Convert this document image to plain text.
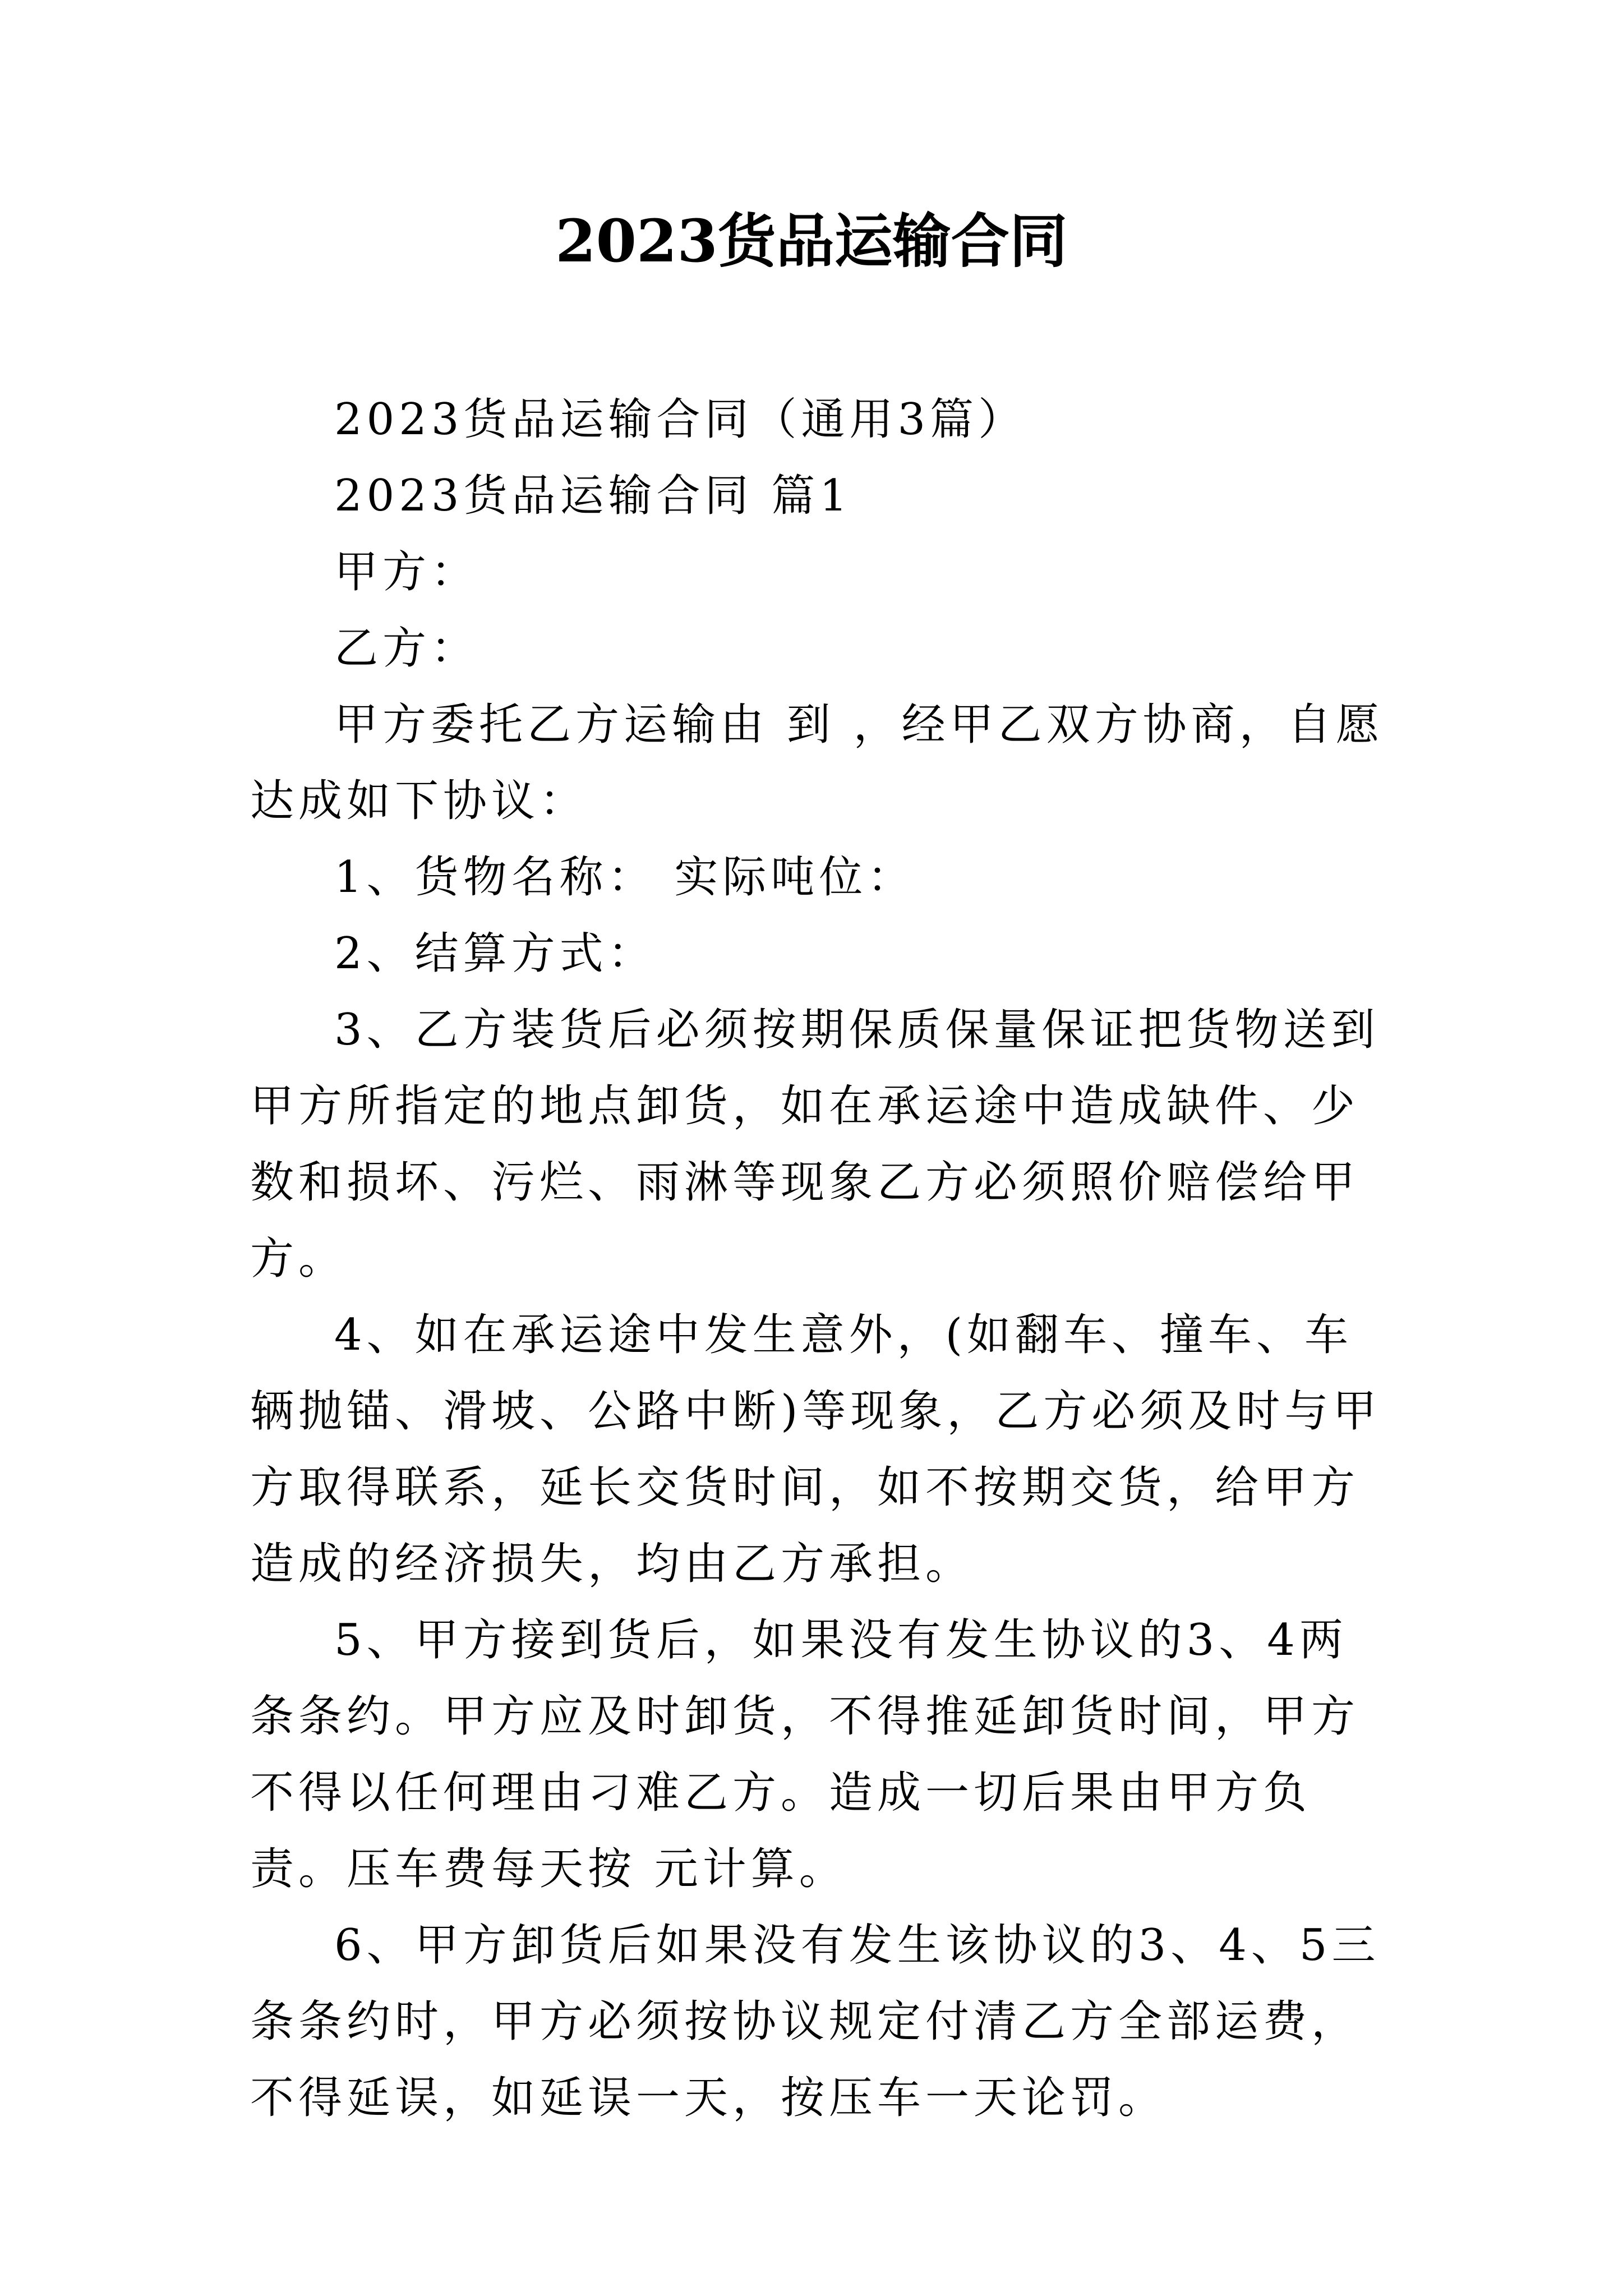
2023货品运输合同

2023货品运输合同（通用3篇）

2023货品运输合同 篇1

甲方：

乙方：

甲方委托乙方运输由 到 ，经甲乙双方协商，自愿达成如下协议：

1、货物名称： 实际吨位：

2、结算方式：

3、乙方装货后必须按期保质保量保证把货物送到甲方所指定的地点卸货，如在承运途中造成缺件、少数和损坏、污烂、雨淋等现象乙方必须照价赔偿给甲方。

4、如在承运途中发生意外，(如翻车、撞车、车辆抛锚、滑坡、公路中断)等现象，乙方必须及时与甲方取得联系，延长交货时间，如不按期交货，给甲方造成的经济损失，均由乙方承担。

5、甲方接到货后，如果没有发生协议的3、4两条条约。甲方应及时卸货，不得推延卸货时间，甲方不得以任何理由刁难乙方。造成一切后果由甲方负责。压车费每天按 元计算。

6、甲方卸货后如果没有发生该协议的3、4、5三条条约时，甲方必须按协议规定付清乙方全部运费，不得延误，如延误一天，按压车一天论罚。
